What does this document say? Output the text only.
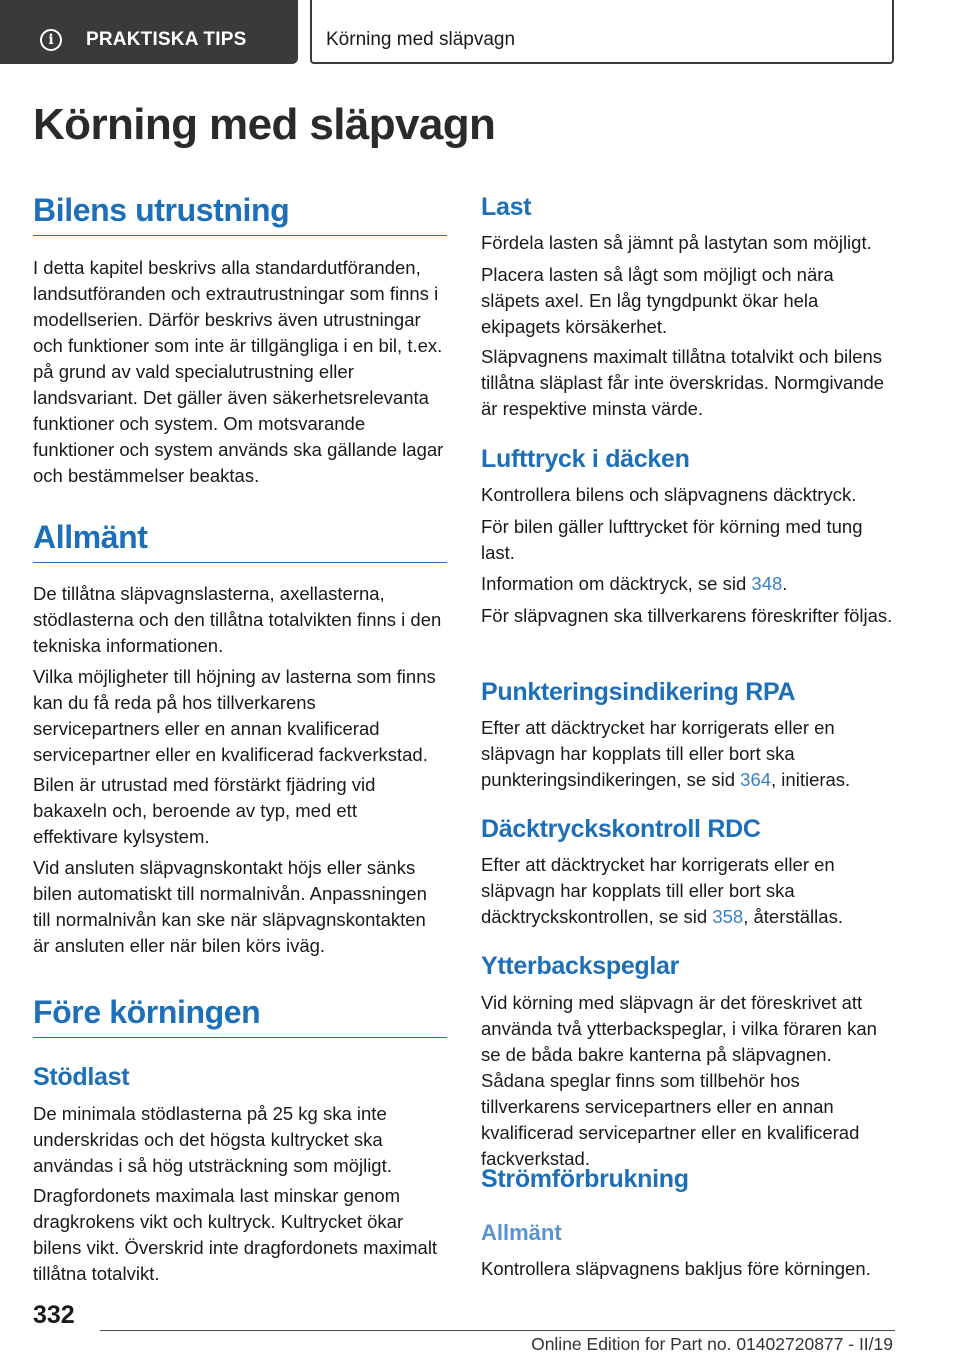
i	PRAKTISKA TIPS	Körning med släpvagn
Körning med släpvagn
Bilens utrustning

I detta kapitel beskrivs alla standardutföranden, landsutföranden och extrautrustningar som finns i modellserien. Därför beskrivs även utrustningar och funktioner som inte är tillgängliga i en bil, t.ex. på grund av vald specialutrustning eller landsvariant. Det gäller även säkerhetsrelevanta funktioner och system. Om motsvarande funktioner och system används ska gällande lagar och bestämmelser beaktas.

Allmänt

De tillåtna släpvagnslasterna, axellasterna, stödlasterna och den tillåtna totalvikten finns i den tekniska informationen.

Vilka möjligheter till höjning av lasterna som finns kan du få reda på hos tillverkarens servicepartners eller en annan kvalificerad servicepartner eller en kvalificerad fackverkstad.

Bilen är utrustad med förstärkt fjädring vid bakaxeln och, beroende av typ, med ett effektivare kylsystem.

Vid ansluten släpvagnskontakt höjs eller sänks bilen automatiskt till normalnivån. Anpassningen till normalnivån kan ske när släpvagnskontakten är ansluten eller när bilen körs iväg.

Före körningen
Stödlast

De minimala stödlasterna på 25 kg ska inte underskridas och det högsta kultrycket ska användas i så hög utsträckning som möjligt.

Dragfordonets maximala last minskar genom dragkrokens vikt och kultryck. Kultrycket ökar bilens vikt. Överskrid inte dragfordonets maximalt tillåtna totalvikt.

Last

Fördela lasten så jämnt på lastytan som möjligt.

Placera lasten så lågt som möjligt och nära släpets axel. En låg tyngdpunkt ökar hela ekipagets körsäkerhet.

Släpvagnens maximalt tillåtna totalvikt och bilens tillåtna släplast får inte överskridas. Normgivande är respektive minsta värde.

Lufttryck i däcken

Kontrollera bilens och släpvagnens däcktryck.

För bilen gäller lufttrycket för körning med tung last.

Information om däcktryck, se sid 348.

För släpvagnen ska tillverkarens föreskrifter följas.

Punkteringsindikering RPA

Efter att däcktrycket har korrigerats eller en släpvagn har kopplats till eller bort ska punkteringsindikeringen, se sid 364, initieras.

Däcktryckskontroll RDC

Efter att däcktrycket har korrigerats eller en släpvagn har kopplats till eller bort ska däcktryckskontrollen, se sid 358, återställas.

Ytterbackspeglar

Vid körning med släpvagn är det föreskrivet att använda två ytterbackspeglar, i vilka föraren kan se de båda bakre kanterna på släpvagnen. Sådana speglar finns som tillbehör hos tillverkarens servicepartners eller en annan kvalificerad servicepartner eller en kvalificerad fackverkstad.

Strömförbrukning
Allmänt

Kontrollera släpvagnens bakljus före körningen.

332
Online Edition for Part no. 01402720877 - II/19
